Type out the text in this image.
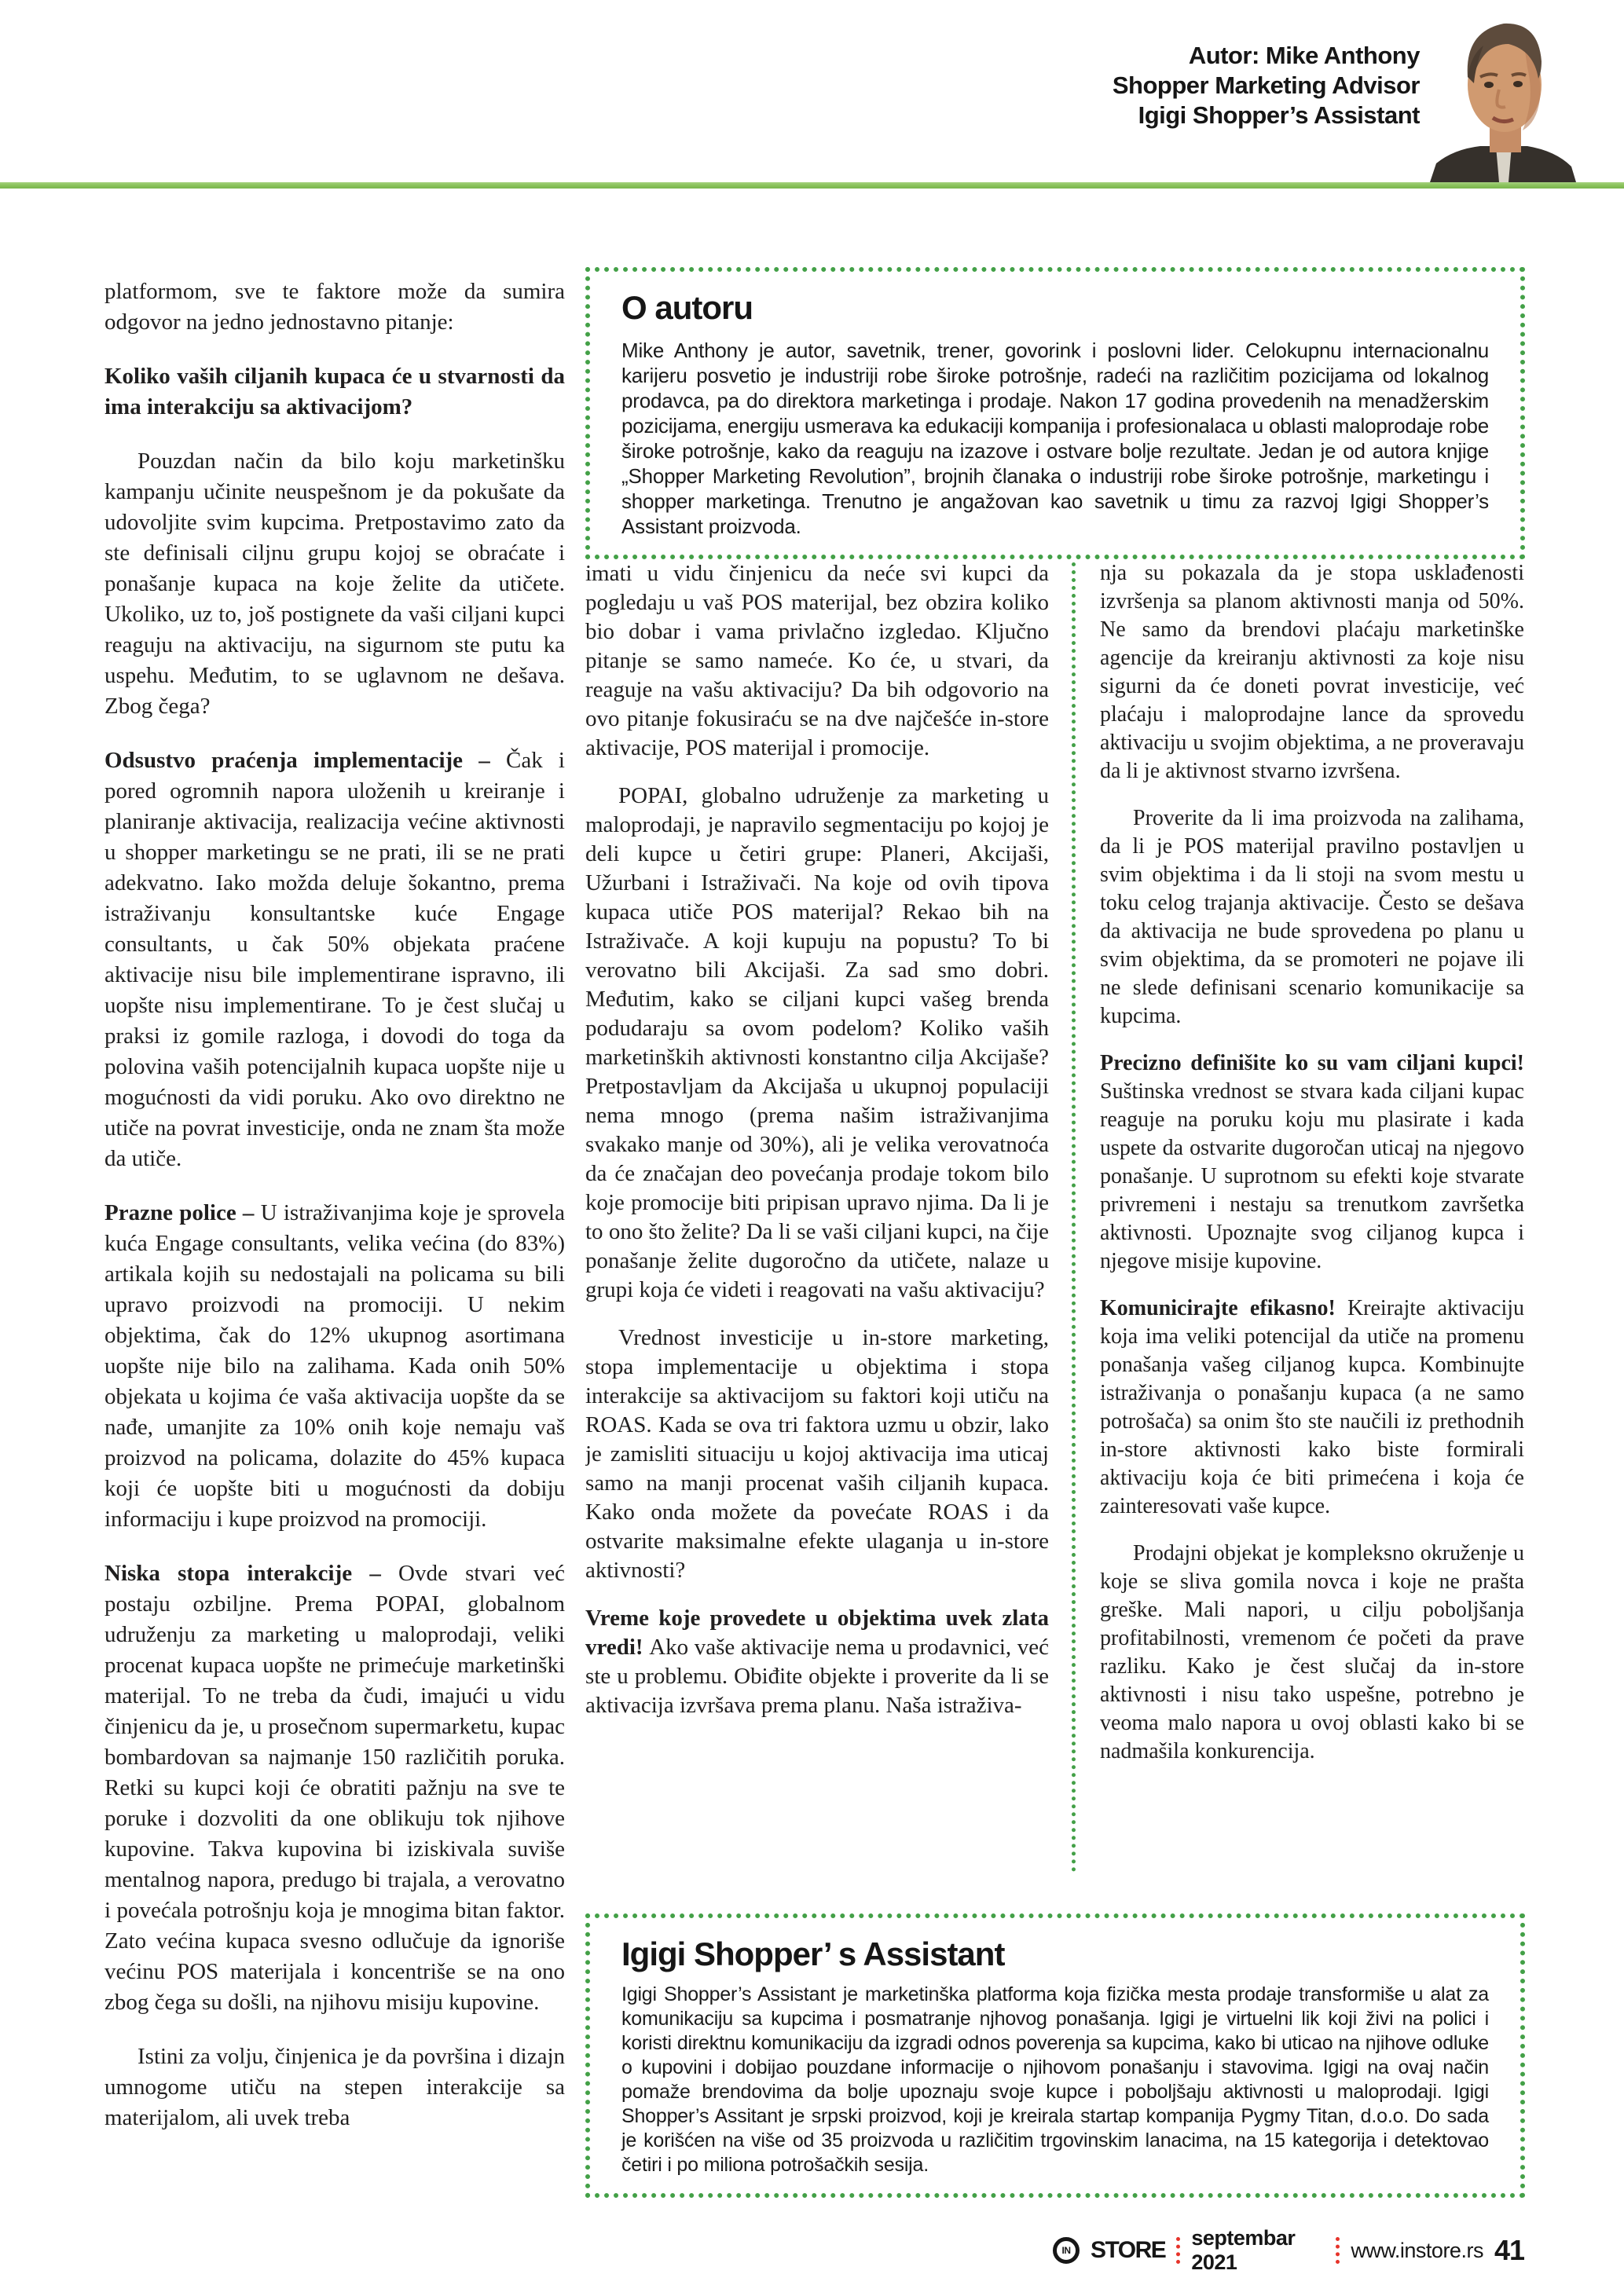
Autor: Mike Anthony
Shopper Marketing Advisor
Igigi Shopper’s Assistant
O autoru

Mike Anthony je autor, savetnik, trener, govorink i poslovni lider. Celokupnu internacionalnu karijeru posvetio je industriji robe široke potrošnje, radeći na različitim pozicijama od lokalnog prodavca, pa do direktora marketinga i prodaje. Nakon 17 godina provedenih na menadžerskim pozicijama, energiju usmerava ka edukaciji kompanija i profesionalaca u oblasti maloprodaje robe široke potrošnje, kako da reaguju na izazove i ostvare bolje rezultate. Jedan je od autora knjige „Shopper Marketing Revolution”, brojnih članaka o industriji robe široke potrošnje, marketingu i shopper marketinga. Trenutno je angažovan kao savetnik u timu za razvoj Igigi Shopper’s Assistant proizvoda.

platformom, sve te faktore može da sumira odgovor na jedno jednostavno pitanje:

Koliko vaših ciljanih kupaca će u stvarnosti da ima interakciju sa aktivacijom?

Pouzdan način da bilo koju marketinšku kampanju učinite neuspešnom je da pokušate da udovoljite svim kupcima. Pretpostavimo zato da ste definisali ciljnu grupu kojoj se obraćate i ponašanje kupaca na koje želite da utičete. Ukoliko, uz to, još postignete da vaši ciljani kupci reaguju na aktivaciju, na sigurnom ste putu ka uspehu. Međutim, to se uglavnom ne dešava. Zbog čega?

Odsustvo praćenja implementacije – Čak i pored ogromnih napora uloženih u kreiranje i planiranje aktivacija, realizacija većine aktivnosti u shopper marketingu se ne prati, ili se ne prati adekvatno. Iako možda deluje šokantno, prema istraživanju konsultantske kuće Engage consultants, u čak 50% objekata praćene aktivacije nisu bile implementirane ispravno, ili uopšte nisu implementirane. To je čest slučaj u praksi iz gomile razloga, i dovodi do toga da polovina vaših potencijalnih kupaca uopšte nije u mogućnosti da vidi poruku. Ako ovo direktno ne utiče na povrat investicije, onda ne znam šta može da utiče.

Prazne police – U istraživanjima koje je sprovela kuća Engage consultants, velika većina (do 83%) artikala kojih su nedostajali na policama su bili upravo proizvodi na promociji. U nekim objektima, čak do 12% ukupnog asortimana uopšte nije bilo na zalihama. Kada onih 50% objekata u kojima će vaša aktivacija uopšte da se nađe, umanjite za 10% onih koje nemaju vaš proizvod na policama, dolazite do 45% kupaca koji će uopšte biti u mogućnosti da dobiju informaciju i kupe proizvod na promociji.

Niska stopa interakcije – Ovde stvari već postaju ozbiljne. Prema POPAI, globalnom udruženju za marketing u maloprodaji, veliki procenat kupaca uopšte ne primećuje marketinški materijal. To ne treba da čudi, imajući u vidu činjenicu da je, u prosečnom supermarketu, kupac bombardovan sa najmanje 150 različitih poruka. Retki su kupci koji će obratiti pažnju na sve te poruke i dozvoliti da one oblikuju tok njihove kupovine. Takva kupovina bi iziskivala suviše mentalnog napora, predugo bi trajala, a verovatno i povećala potrošnju koja je mnogima bitan faktor. Zato većina kupaca svesno odlučuje da ignoriše većinu POS materijala i koncentriše se na ono zbog čega su došli, na njihovu misiju kupovine.

Istini za volju, činjenica je da površina i dizajn umnogome utiču na stepen interakcije sa materijalom, ali uvek treba

imati u vidu činjenicu da neće svi kupci da pogledaju u vaš POS materijal, bez obzira koliko bio dobar i vama privlačno izgledao. Ključno pitanje se samo nameće. Ko će, u stvari, da reaguje na vašu aktivaciju? Da bih odgovorio na ovo pitanje fokusiraću se na dve najčešće in-store aktivacije, POS materijal i promocije.

POPAI, globalno udruženje za marketing u maloprodaji, je napravilo segmentaciju po kojoj je deli kupce u četiri grupe: Planeri, Akcijaši, Užurbani i Istraživači. Na koje od ovih tipova kupaca utiče POS materijal? Rekao bih na Istraživače. A koji kupuju na popustu? To bi verovatno bili Akcijaši. Za sad smo dobri. Međutim, kako se ciljani kupci vašeg brenda podudaraju sa ovom podelom? Koliko vaših marketinških aktivnosti konstantno cilja Akcijaše? Pretpostavljam da Akcijaša u ukupnoj populaciji nema mnogo (prema našim istraživanjima svakako manje od 30%), ali je velika verovatnoća da će značajan deo povećanja prodaje tokom bilo koje promocije biti pripisan upravo njima. Da li je to ono što želite? Da li se vaši ciljani kupci, na čije ponašanje želite dugoročno da utičete, nalaze u grupi koja će videti i reagovati na vašu aktivaciju?

Vrednost investicije u in-store marketing, stopa implementacije u objektima i stopa interakcije sa aktivacijom su faktori koji utiču na ROAS. Kada se ova tri faktora uzmu u obzir, lako je zamisliti situaciju u kojoj aktivacija ima uticaj samo na manji procenat vaših ciljanih kupaca. Kako onda možete da povećate ROAS i da ostvarite maksimalne efekte ulaganja u in-store aktivnosti?

Vreme koje provedete u objektima uvek zlata vredi! Ako vaše aktivacije nema u prodavnici, već ste u problemu. Obiđite objekte i proverite da li se aktivacija izvršava prema planu. Naša istraživa-

nja su pokazala da je stopa usklađenosti izvršenja sa planom aktivnosti manja od 50%. Ne samo da brendovi plaćaju marketinške agencije da kreiranju aktivnosti za koje nisu sigurni da će doneti povrat investicije, već plaćaju i maloprodajne lance da sprovedu aktivaciju u svojim objektima, a ne proveravaju da li je aktivnost stvarno izvršena.

Proverite da li ima proizvoda na zalihama, da li je POS materijal pravilno postavljen u svim objektima i da li stoji na svom mestu u toku celog trajanja aktivacije. Često se dešava da aktivacija ne bude sprovedena po planu u svim objektima, da se promoteri ne pojave ili ne slede definisani scenario komunikacije sa kupcima.

Precizno definišite ko su vam ciljani kupci! Suštinska vrednost se stvara kada ciljani kupac reaguje na poruku koju mu plasirate i kada uspete da ostvarite dugoročan uticaj na njegovo ponašanje. U suprotnom su efekti koje stvarate privremeni i nestaju sa trenutkom završetka aktivnosti. Upoznajte svog ciljanog kupca i njegove misije kupovine.

Komunicirajte efikasno! Kreirajte aktivaciju koja ima veliki potencijal da utiče na promenu ponašanja vašeg ciljanog kupca. Kombinujte istraživanja o ponašanju kupaca (a ne samo potrošača) sa onim što ste naučili iz prethodnih in-store aktivnosti kako biste formirali aktivaciju koja će biti primećena i koja će zainteresovati vaše kupce.

Prodajni objekat je kompleksno okruženje u koje se sliva gomila novca i koje ne prašta greške. Mali napori, u cilju poboljšanja profitabilnosti, vremenom će početi da prave razliku. Kako je čest slučaj da in-store aktivnosti i nisu tako uspešne, potrebno je veoma malo napora u ovoj oblasti kako bi se nadmašila konkurencija.

Igigi Shopper’ s Assistant

Igigi Shopper’s Assistant je marketinška platforma koja fizička mesta prodaje transformiše u alat za komunikaciju sa kupcima i posmatranje njhovog ponašanja. Igigi je virtuelni lik koji živi na polici i koristi direktnu komunikaciju da izgradi odnos poverenja sa kupcima, kako bi uticao na njihove odluke o kupovini i dobijao pouzdane informacije o njihovom ponašanju i stavovima. Igigi na ovaj način pomaže brendovima da bolje upoznaju svoje kupce i poboljšaju aktivnosti u maloprodaji. Igigi Shopper’s Assitant je srpski proizvod, koji je kreirala startap kompanija Pygmy Titan, d.o.o. Do sada je korišćen na više od 35 proizvoda u različitim trgovinskim lanacima, na 15 kategorija i detektovao četiri i po miliona potrošačkih sesija.

IN STORE septembar 2021
www.instore.rs 41
